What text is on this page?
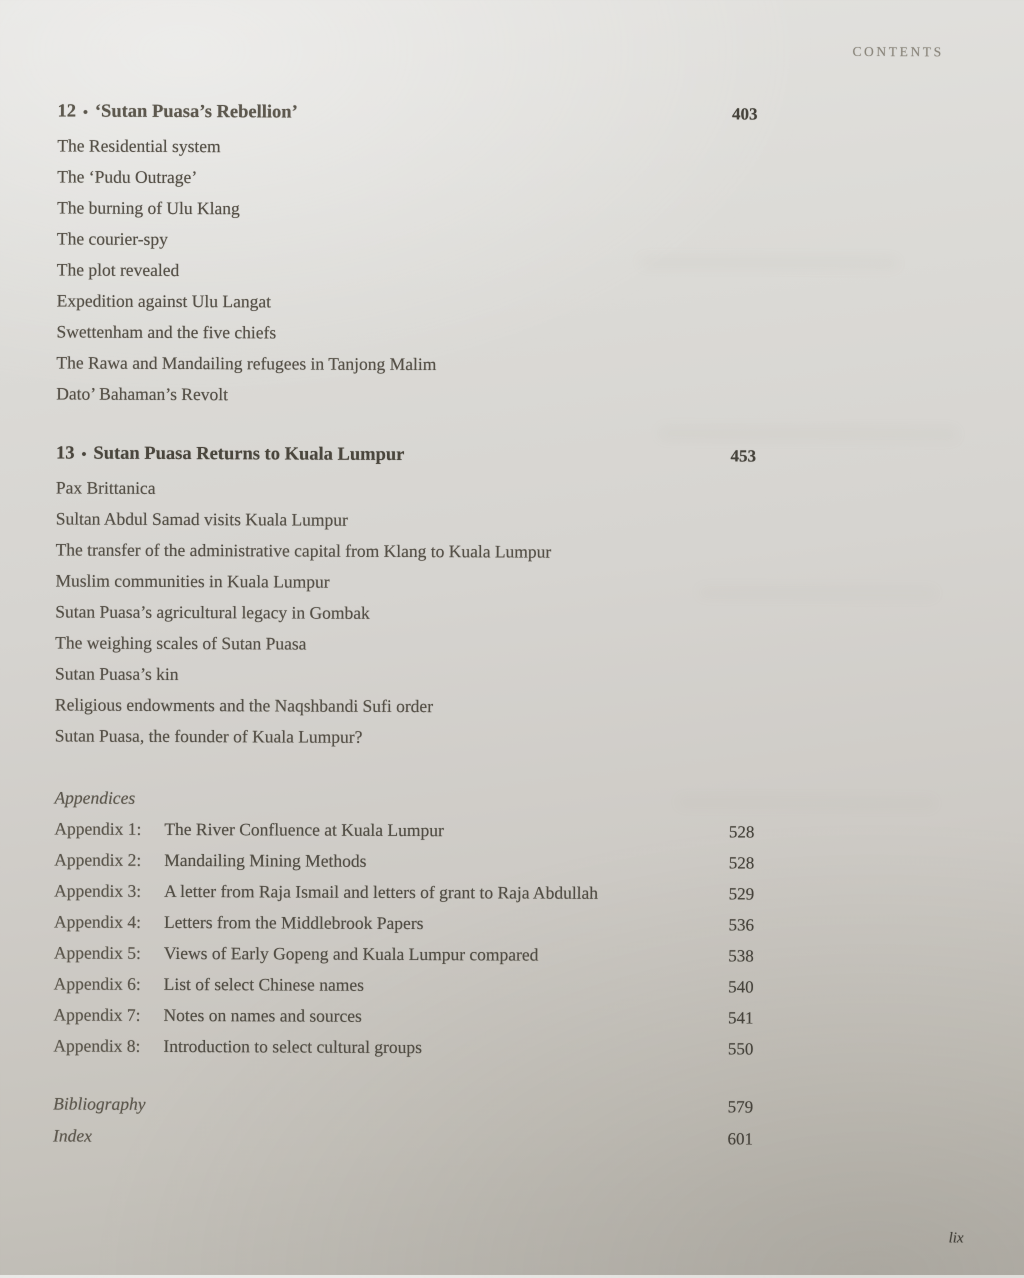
CONTENTS
12 • ‘Sutan Puasa’s Rebellion’	403
The Residential system
The ‘Pudu Outrage’
The burning of Ulu Klang
The courier-spy
The plot revealed
Expedition against Ulu Langat
Swettenham and the five chiefs
The Rawa and Mandailing refugees in Tanjong Malim
Dato’ Bahaman’s Revolt
13 • Sutan Puasa Returns to Kuala Lumpur	453
Pax Brittanica
Sultan Abdul Samad visits Kuala Lumpur
The transfer of the administrative capital from Klang to Kuala Lumpur
Muslim communities in Kuala Lumpur
Sutan Puasa’s agricultural legacy in Gombak
The weighing scales of Sutan Puasa
Sutan Puasa’s kin
Religious endowments and the Naqshbandi Sufi order
Sutan Puasa, the founder of Kuala Lumpur?
Appendices
Appendix 1:	The River Confluence at Kuala Lumpur	528
Appendix 2:	Mandailing Mining Methods	528
Appendix 3:	A letter from Raja Ismail and letters of grant to Raja Abdullah	529
Appendix 4:	Letters from the Middlebrook Papers	536
Appendix 5:	Views of Early Gopeng and Kuala Lumpur compared	538
Appendix 6:	List of select Chinese names	540
Appendix 7:	Notes on names and sources	541
Appendix 8:	Introduction to select cultural groups	550
Bibliography	579
Index	601
lix
